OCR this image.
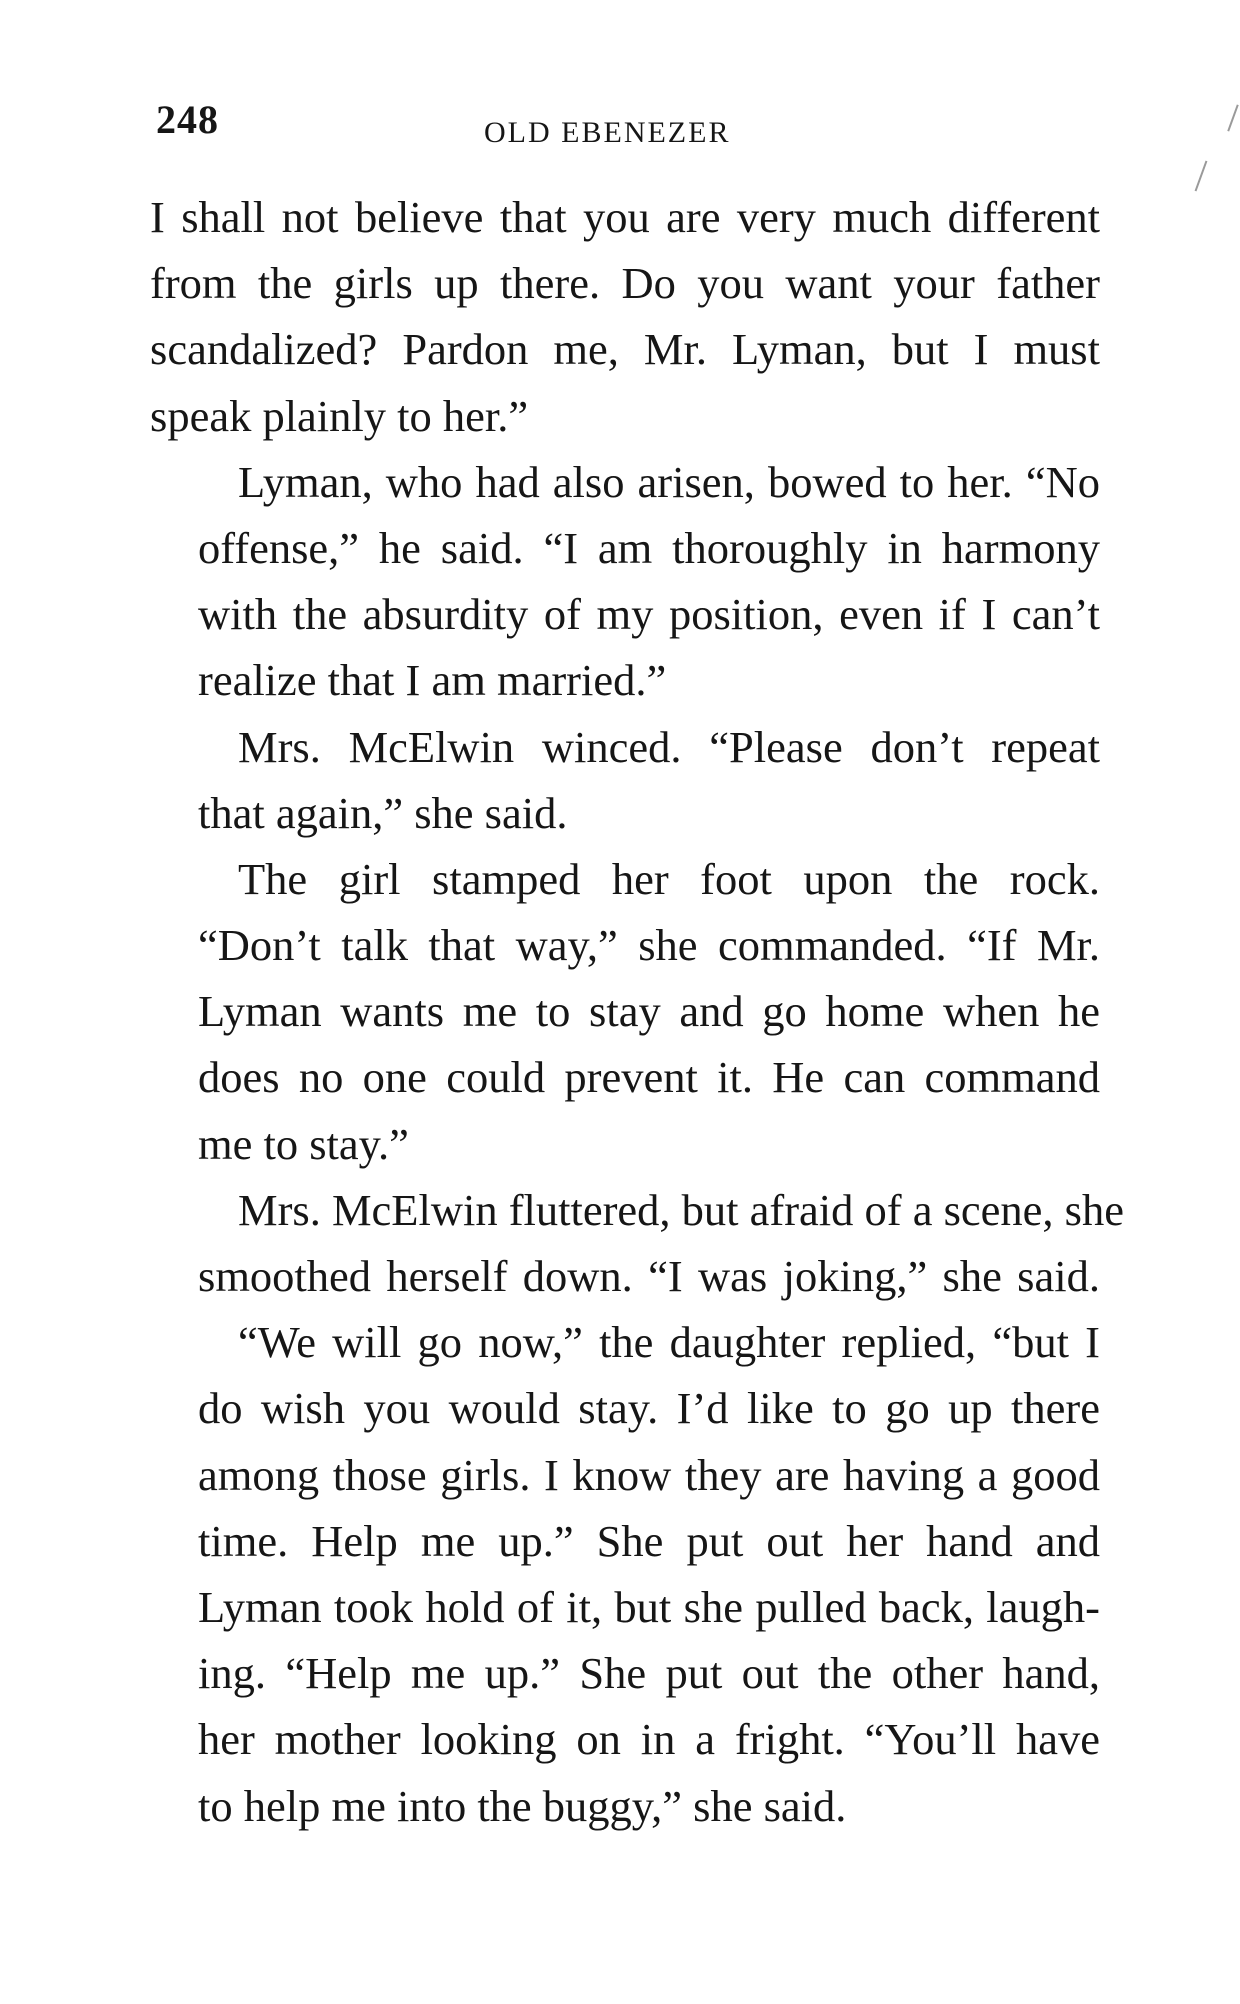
248	OLD EBENEZER
I shall not believe that you are very much different
from the girls up there. Do you want your father
scandalized? Pardon me, Mr. Lyman, but I must
speak plainly to her.”
Lyman, who had also arisen, bowed to her. “No
offense,” he said. “I am thoroughly in harmony
with the absurdity of my position, even if I can’t
realize that I am married.”
Mrs. McElwin winced. “Please don’t repeat
that again,” she said.
The girl stamped her foot upon the rock.
“Don’t talk that way,” she commanded. “If Mr.
Lyman wants me to stay and go home when he
does no one could prevent it. He can command
me to stay.”
Mrs. McElwin fluttered, but afraid of a scene, she
smoothed herself down. “I was joking,” she said.
“We will go now,” the daughter replied, “but I
do wish you would stay. I’d like to go up there
among those girls. I know they are having a good
time. Help me up.” She put out her hand and
Lyman took hold of it, but she pulled back, laugh-
ing. “Help me up.” She put out the other hand,
her mother looking on in a fright. “You’ll have
to help me into the buggy,” she said.
